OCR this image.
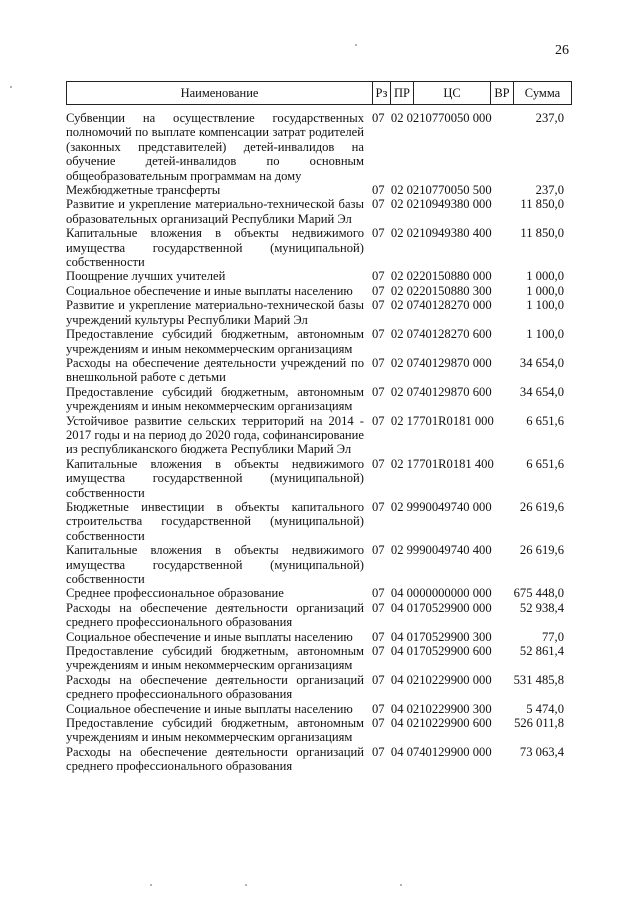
26
Наименование	Рз ПР	ЦС	ВР	Сумма
Субвенции на осуществление государственных полномочий по выплате компенсации затрат родителей (законных представителей) детей-инвалидов на обучение детей-инвалидов по основным общеобразовательным программам на дому
07  02 0210770050 000	237,0
Межбюджетные трансферты	07  02 0210770050 500	237,0
Развитие и укрепление материально-технической базы образовательных организаций Республики Марий Эл
07  02 0210949380 000	11 850,0
Капитальные вложения в объекты недвижимого имущества государственной (муниципальной) собственности
07  02 0210949380 400	11 850,0
Поощрение лучших учителей	07  02 0220150880 000	1 000,0
Социальное обеспечение и иные выплаты населению	07  02 0220150880 300	1 000,0
Развитие и укрепление материально-технической базы учреждений культуры Республики Марий Эл
07  02 0740128270 000	1 100,0
Предоставление субсидий бюджетным, автономным учреждениям и иным некоммерческим организациям
07  02 0740128270 600	1 100,0
Расходы на обеспечение деятельности учреждений по внешкольной работе с детьми
07  02 0740129870 000	34 654,0
Предоставление субсидий бюджетным, автономным учреждениям и иным некоммерческим организациям
07  02 0740129870 600	34 654,0
Устойчивое развитие сельских территорий на 2014 - 2017 годы и на период до 2020 года, софинансирование из республиканского бюджета Республики Марий Эл
07  02 17701R0181 000	6 651,6
Капитальные вложения в объекты недвижимого имущества государственной (муниципальной) собственности
07  02 17701R0181 400	6 651,6
Бюджетные инвестиции в объекты капитального строительства государственной (муниципальной) собственности
07  02 9990049740 000	26 619,6
Капитальные вложения в объекты недвижимого имущества государственной (муниципальной) собственности
07  02 9990049740 400	26 619,6
Среднее профессиональное образование	07  04 0000000000 000	675 448,0
Расходы на обеспечение деятельности организаций среднего профессионального образования
07  04 0170529900 000	52 938,4
Социальное обеспечение и иные выплаты населению	07  04 0170529900 300	77,0
Предоставление субсидий бюджетным, автономным учреждениям и иным некоммерческим организациям
07  04 0170529900 600	52 861,4
Расходы на обеспечение деятельности организаций среднего профессионального образования
07  04 0210229900 000	531 485,8
Социальное обеспечение и иные выплаты населению	07  04 0210229900 300	5 474,0
Предоставление субсидий бюджетным, автономным учреждениям и иным некоммерческим организациям
07  04 0210229900 600	526 011,8
Расходы на обеспечение деятельности организаций среднего профессионального образования
07  04 0740129900 000	73 063,4
